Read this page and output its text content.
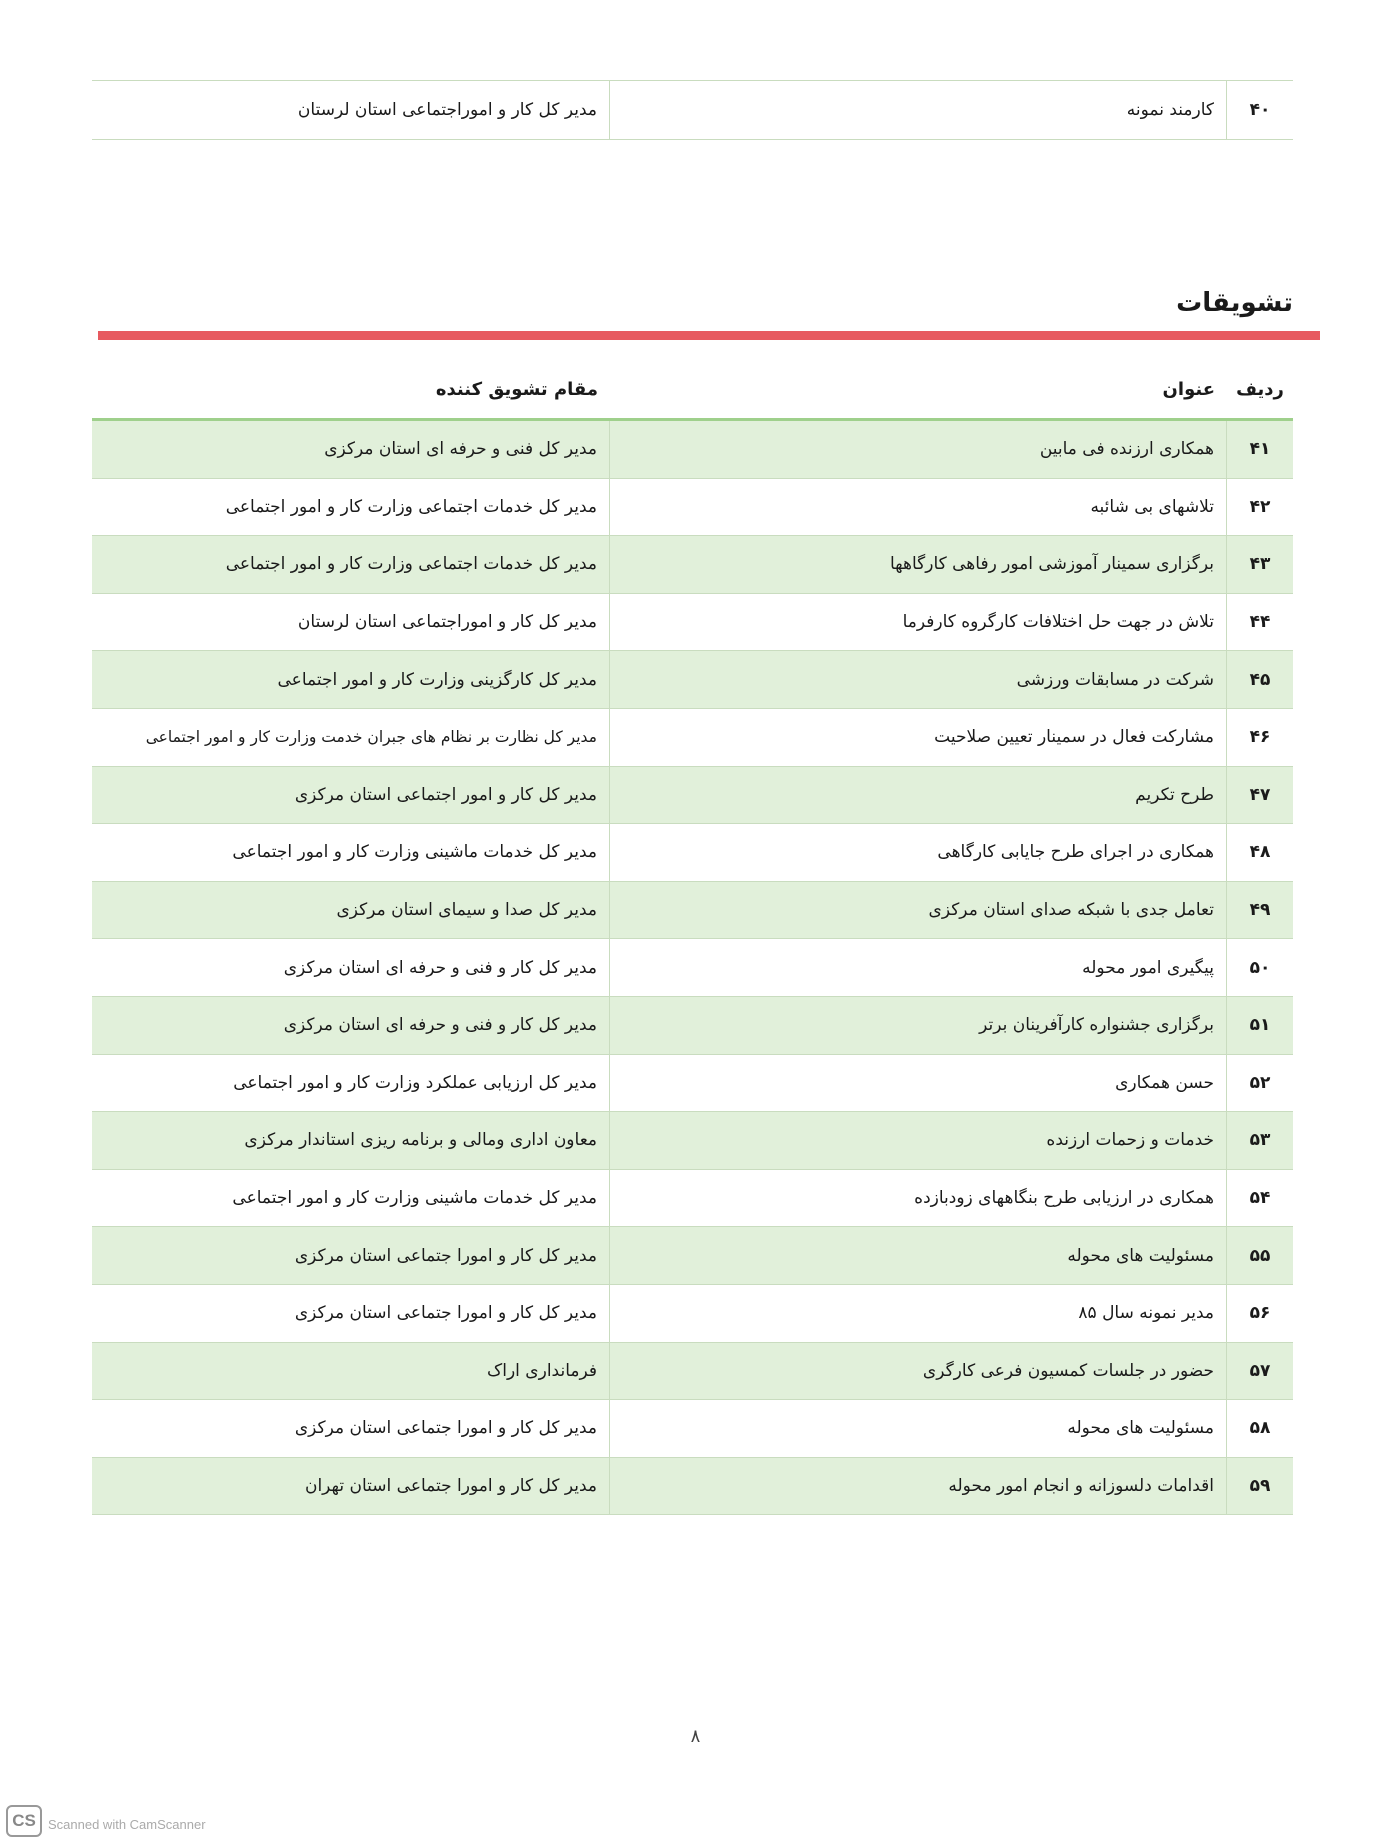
۴۰
کارمند نمونه
مدیر کل کار و اموراجتماعی استان لرستان
تشویقات
ردیف
عنوان
مقام تشویق کننده
۴۱
همکاری ارزنده فی مابین
مدیر کل فنی و حرفه ای استان مرکزی
۴۲
تلاشهای بی شائبه
مدیر کل خدمات اجتماعی وزارت کار و امور اجتماعی
۴۳
برگزاری سمینار آموزشی امور رفاهی کارگاهها
مدیر کل خدمات اجتماعی وزارت کار و امور اجتماعی
۴۴
تلاش در جهت حل اختلافات کارگروه کارفرما
مدیر کل کار و اموراجتماعی استان لرستان
۴۵
شرکت در مسابقات ورزشی
مدیر کل کارگزینی وزارت کار و امور اجتماعی
۴۶
مشارکت فعال در سمینار تعیین صلاحیت
مدیر کل نظارت بر نظام های جبران خدمت وزارت کار و امور اجتماعی
۴۷
طرح تکریم
مدیر کل کار و امور اجتماعی استان مرکزی
۴۸
همکاری در اجرای طرح جایابی کارگاهی
مدیر کل خدمات ماشینی وزارت کار و امور اجتماعی
۴۹
تعامل جدی با شبکه صدای استان مرکزی
مدیر کل صدا و سیمای استان مرکزی
۵۰
پیگیری امور محوله
مدیر کل کار و فنی و حرفه ای استان مرکزی
۵۱
برگزاری جشنواره کارآفرینان برتر
مدیر کل کار و فنی و حرفه ای استان مرکزی
۵۲
حسن همکاری
مدیر کل ارزیابی عملکرد وزارت کار و امور اجتماعی
۵۳
خدمات و زحمات ارزنده
معاون اداری ومالی و برنامه ریزی استاندار مرکزی
۵۴
همکاری در ارزیابی طرح بنگاههای زودبازده
مدیر کل خدمات ماشینی وزارت کار و امور اجتماعی
۵۵
مسئولیت های محوله
مدیر کل کار و امورا جتماعی استان مرکزی
۵۶
مدیر نمونه سال ۸۵
مدیر کل کار و امورا جتماعی استان مرکزی
۵۷
حضور در جلسات کمسیون فرعی کارگری
فرمانداری اراک
۵۸
مسئولیت های محوله
مدیر کل کار و امورا جتماعی استان مرکزی
۵۹
اقدامات دلسوزانه و انجام امور محوله
مدیر کل کار و امورا جتماعی استان تهران
۸
CS Scanned with CamScanner
